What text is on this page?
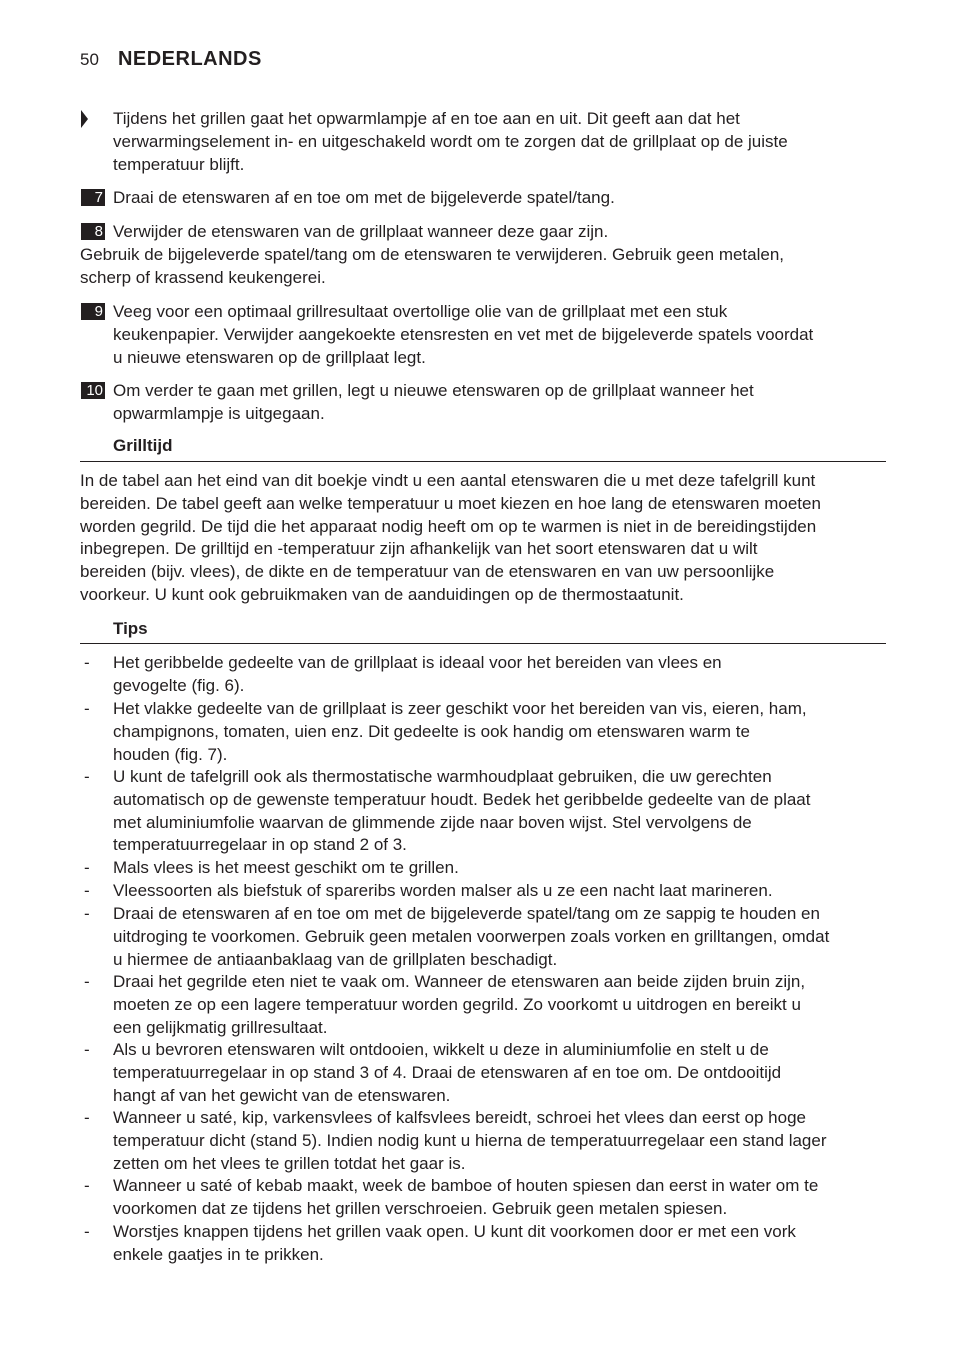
50 NEDERLANDS
Tijdens het grillen gaat het opwarmlampje af en toe aan en uit. Dit geeft aan dat het
verwarmingselement in- en uitgeschakeld wordt om te zorgen dat de grillplaat op de juiste
temperatuur blijft.
7 Draai de etenswaren af en toe om met de bijgeleverde spatel/tang.
8 Verwijder de etenswaren van de grillplaat wanneer deze gaar zijn.
Gebruik de bijgeleverde spatel/tang om de etenswaren te verwijderen. Gebruik geen metalen,
scherp of krassend keukengerei.
9 Veeg voor een optimaal grillresultaat overtollige olie van de grillplaat met een stuk
keukenpapier. Verwijder aangekoekte etensresten en vet met de bijgeleverde spatels voordat
u nieuwe etenswaren op de grillplaat legt.
10 Om verder te gaan met grillen, legt u nieuwe etenswaren op de grillplaat wanneer het
opwarmlampje is uitgegaan.
Grilltijd
In de tabel aan het eind van dit boekje vindt u een aantal etenswaren die u met deze tafelgrill kunt
bereiden. De tabel geeft aan welke temperatuur u moet kiezen en hoe lang de etenswaren moeten
worden gegrild. De tijd die het apparaat nodig heeft om op te warmen is niet in de bereidingstijden
inbegrepen. De grilltijd en -temperatuur zijn afhankelijk van het soort etenswaren dat u wilt
bereiden (bijv. vlees), de dikte en de temperatuur van de etenswaren en van uw persoonlijke
voorkeur. U kunt ook gebruikmaken van de aanduidingen op de thermostaatunit.
Tips
- Het geribbelde gedeelte van de grillplaat is ideaal voor het bereiden van vlees en
gevogelte (fig. 6).
- Het vlakke gedeelte van de grillplaat is zeer geschikt voor het bereiden van vis, eieren, ham,
champignons, tomaten, uien enz. Dit gedeelte is ook handig om etenswaren warm te
houden (fig. 7).
- U kunt de tafelgrill ook als thermostatische warmhoudplaat gebruiken, die uw gerechten
automatisch op de gewenste temperatuur houdt. Bedek het geribbelde gedeelte van de plaat
met aluminiumfolie waarvan de glimmende zijde naar boven wijst. Stel vervolgens de
temperatuurregelaar in op stand 2 of 3.
- Mals vlees is het meest geschikt om te grillen.
- Vleessoorten als biefstuk of spareribs worden malser als u ze een nacht laat marineren.
- Draai de etenswaren af en toe om met de bijgeleverde spatel/tang om ze sappig te houden en
uitdroging te voorkomen. Gebruik geen metalen voorwerpen zoals vorken en grilltangen, omdat
u hiermee de antiaanbaklaag van de grillplaten beschadigt.
- Draai het gegrilde eten niet te vaak om. Wanneer de etenswaren aan beide zijden bruin zijn,
moeten ze op een lagere temperatuur worden gegrild. Zo voorkomt u uitdrogen en bereikt u
een gelijkmatig grillresultaat.
- Als u bevroren etenswaren wilt ontdooien, wikkelt u deze in aluminiumfolie en stelt u de
temperatuurregelaar in op stand 3 of 4. Draai de etenswaren af en toe om. De ontdooitijd
hangt af van het gewicht van de etenswaren.
- Wanneer u saté, kip, varkensvlees of kalfsvlees bereidt, schroei het vlees dan eerst op hoge
temperatuur dicht (stand 5). Indien nodig kunt u hierna de temperatuurregelaar een stand lager
zetten om het vlees te grillen totdat het gaar is.
- Wanneer u saté of kebab maakt, week de bamboe of houten spiesen dan eerst in water om te
voorkomen dat ze tijdens het grillen verschroeien. Gebruik geen metalen spiesen.
- Worstjes knappen tijdens het grillen vaak open. U kunt dit voorkomen door er met een vork
enkele gaatjes in te prikken.
